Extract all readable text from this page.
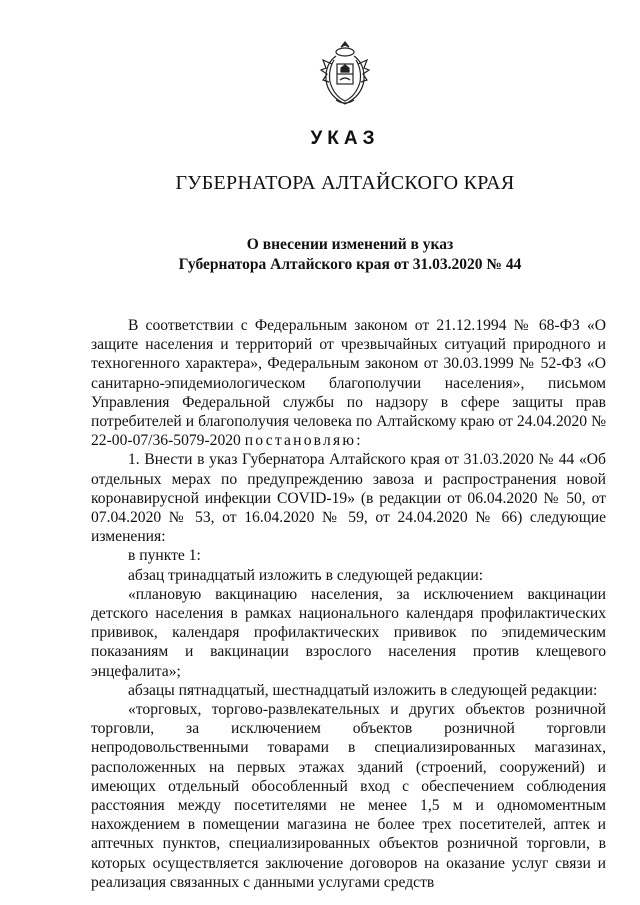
УКАЗ
ГУБЕРНАТОРА АЛТАЙСКОГО КРАЯ
О внесении изменений в указ
Губернатора Алтайского края от 31.03.2020 № 44

В соответствии с Федеральным законом от 21.12.1994 № 68-ФЗ «О защите населения и территорий от чрезвычайных ситуаций природного и техногенного характера», Федеральным законом от 30.03.1999 № 52-ФЗ «О санитарно-эпидемиологическом благополучии населения», письмом Управления Федеральной службы по надзору в сфере защиты прав потребителей и благополучия человека по Алтайскому краю от 24.04.2020 № 22-00-07/36-5079-2020 постановляю:

1. Внести в указ Губернатора Алтайского края от 31.03.2020 № 44 «Об отдельных мерах по предупреждению завоза и распространения новой коронавирусной инфекции COVID-19» (в редакции от 06.04.2020 № 50, от 07.04.2020 № 53, от 16.04.2020 № 59, от 24.04.2020 № 66) следующие изменения:

в пункте 1:

абзац тринадцатый изложить в следующей редакции:

«плановую вакцинацию населения, за исключением вакцинации детского населения в рамках национального календаря профилактических прививок, календаря профилактических прививок по эпидемическим показаниям и вакцинации взрослого населения против клещевого энцефалита»;

абзацы пятнадцатый, шестнадцатый изложить в следующей редакции:

«торговых, торгово-развлекательных и других объектов розничной торговли, за исключением объектов розничной торговли непродовольственными товарами в специализированных магазинах, расположенных на первых этажах зданий (строений, сооружений) и имеющих отдельный обособленный вход с обеспечением соблюдения расстояния между посетителями не менее 1,5 м и одномоментным нахождением в помещении магазина не более трех посетителей, аптек и аптечных пунктов, специализированных объектов розничной торговли, в которых осуществляется заключение договоров на оказание услуг связи и реализация связанных с данными услугами средств
